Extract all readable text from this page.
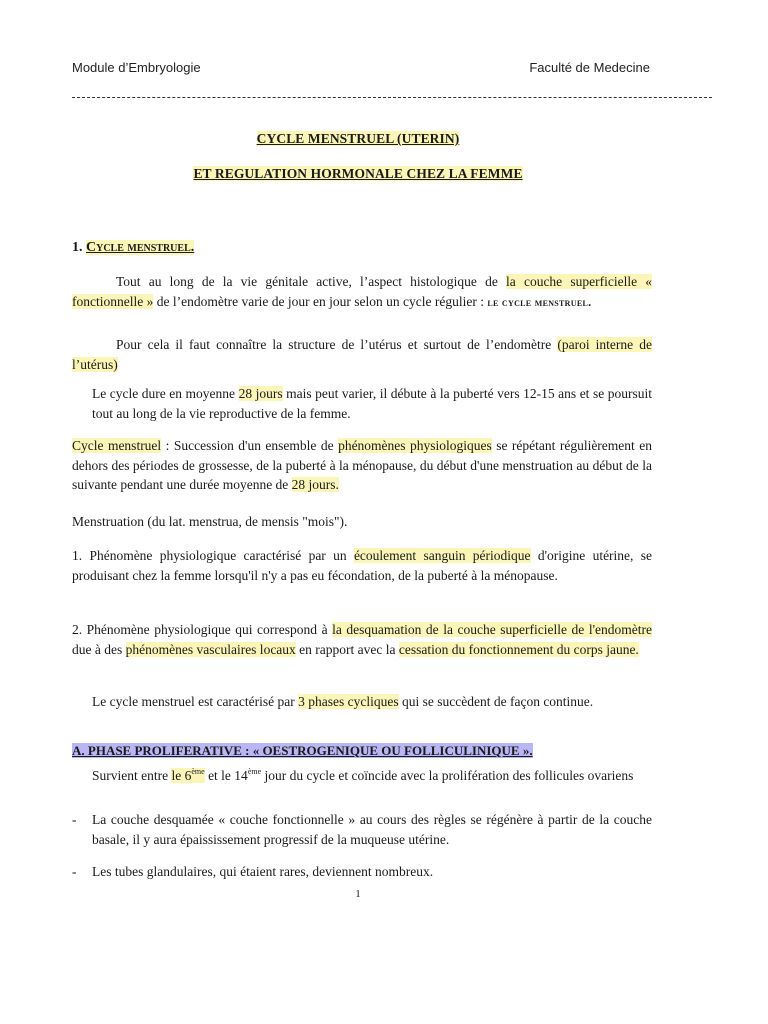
Module d’Embryologie	Faculté de Medecine
CYCLE MENSTRUEL (UTERIN)
ET REGULATION HORMONALE CHEZ LA FEMME
1. Cycle menstruel.
Tout au long de la vie génitale active, l’aspect histologique de la couche superficielle « fonctionnelle » de l’endomètre varie de jour en jour selon un cycle régulier : le cycle menstruel.
Pour cela il faut connaître la structure de l’utérus et surtout de l’endomètre (paroi interne de l’utérus)
Le cycle dure en moyenne 28 jours mais peut varier, il débute à la puberté vers 12-15 ans et se poursuit tout au long de la vie reproductive de la femme.
Cycle menstruel : Succession d'un ensemble de phénomènes physiologiques se répétant régulièrement en dehors des périodes de grossesse, de la puberté à la ménopause, du début d'une menstruation au début de la suivante pendant une durée moyenne de 28 jours.
Menstruation (du lat. menstrua, de mensis "mois").
1. Phénomène physiologique caractérisé par un écoulement sanguin périodique d'origine utérine, se produisant chez la femme lorsqu'il n'y a pas eu fécondation, de la puberté à la ménopause.
2. Phénomène physiologique qui correspond à la desquamation de la couche superficielle de l'endomètre due à des phénomènes vasculaires locaux en rapport avec la cessation du fonctionnement du corps jaune.
Le cycle menstruel est caractérisé par 3 phases cycliques qui se succèdent de façon continue.
A. PHASE PROLIFERATIVE : « OESTROGENIQUE OU FOLLICULINIQUE ».
Survient entre le 6ème et le 14ème jour du cycle et coïncide avec la prolifération des follicules ovariens
- La couche desquamée « couche fonctionnelle » au cours des règles se régénère à partir de la couche basale, il y aura épaississement progressif de la muqueuse utérine.
- Les tubes glandulaires, qui étaient rares, deviennent nombreux.
1
